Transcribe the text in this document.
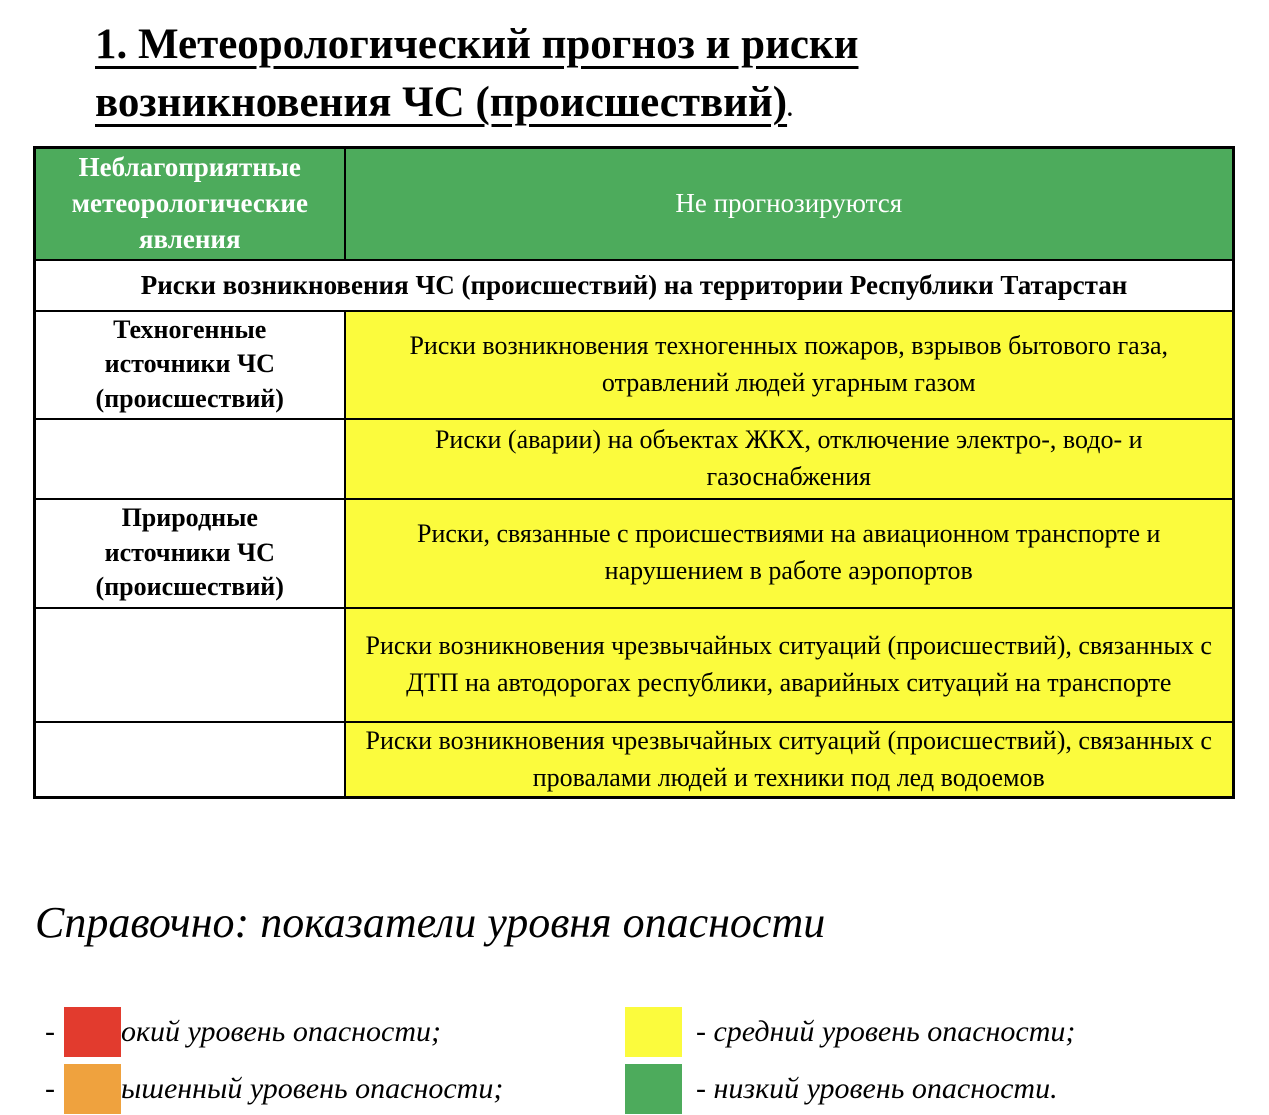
1. Метеорологический прогноз и риски
возникновения ЧС (происшествий).
Неблагоприятные метеорологические явления	Не прогнозируются
Риски возникновения ЧС (происшествий) на территории Республики Татарстан	
Техногенные источники ЧС (происшествий)	Риски возникновения техногенных пожаров, взрывов бытового газа, отравлений людей угарным газом
	Риски (аварии) на объектах ЖКХ, отключение электро-, водо- и газоснабжения
Природные источники ЧС (происшествий)	Риски, связанные с происшествиями на авиационном транспорте и нарушением в работе аэропортов
	Риски возникновения чрезвычайных ситуаций (происшествий), связанных с ДТП на автодорогах республики, аварийных ситуаций на транспорте
	Риски возникновения чрезвычайных ситуаций (происшествий), связанных с провалами людей и техники под лед водоемов
Справочно: показатели уровня опасности
- окий уровень опасности;
- ышенный уровень опасности;
- средний уровень опасности;
- низкий уровень опасности.
